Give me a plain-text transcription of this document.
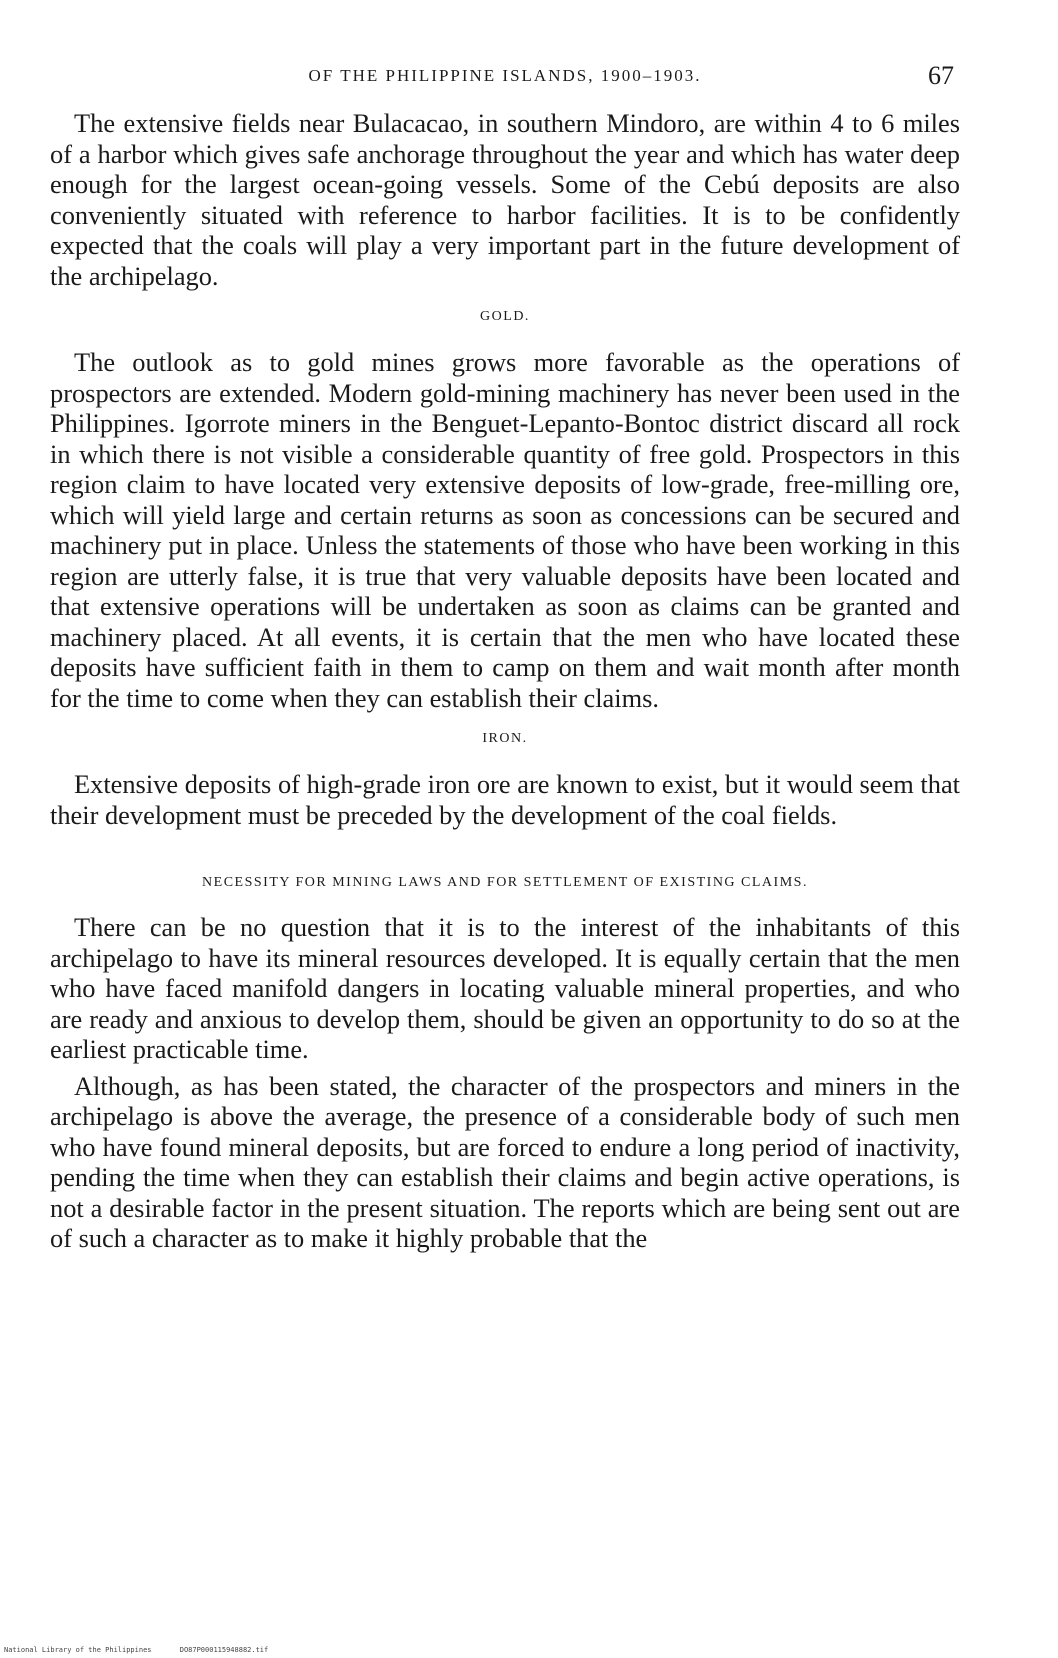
OF THE PHILIPPINE ISLANDS, 1900–1903.	67

The extensive fields near Bulacacao, in southern Mindoro, are within 4 to 6 miles of a harbor which gives safe anchorage throughout the year and which has water deep enough for the largest ocean-going vessels. Some of the Cebú deposits are also conveniently situated with reference to harbor facilities. It is to be confidently expected that the coals will play a very important part in the future development of the archipelago.

GOLD.

The outlook as to gold mines grows more favorable as the operations of prospectors are extended. Modern gold-mining machinery has never been used in the Philippines. Igorrote miners in the Benguet-Lepanto-Bontoc district discard all rock in which there is not visible a considerable quantity of free gold. Prospectors in this region claim to have located very extensive deposits of low-grade, free-milling ore, which will yield large and certain returns as soon as concessions can be secured and machinery put in place. Unless the statements of those who have been working in this region are utterly false, it is true that very valuable deposits have been located and that extensive operations will be undertaken as soon as claims can be granted and machinery placed. At all events, it is certain that the men who have located these deposits have sufficient faith in them to camp on them and wait month after month for the time to come when they can establish their claims.

IRON.

Extensive deposits of high-grade iron ore are known to exist, but it would seem that their development must be preceded by the development of the coal fields.

NECESSITY FOR MINING LAWS AND FOR SETTLEMENT OF EXISTING CLAIMS.

There can be no question that it is to the interest of the inhabitants of this archipelago to have its mineral resources developed. It is equally certain that the men who have faced manifold dangers in locating valuable mineral properties, and who are ready and anxious to develop them, should be given an opportunity to do so at the earliest practicable time.

Although, as has been stated, the character of the prospectors and miners in the archipelago is above the average, the presence of a considerable body of such men who have found mineral deposits, but are forced to endure a long period of inactivity, pending the time when they can establish their claims and begin active operations, is not a desirable factor in the present situation. The reports which are being sent out are of such a character as to make it highly probable that the

National Library of the Philippines	DO87P000115948882.tif
